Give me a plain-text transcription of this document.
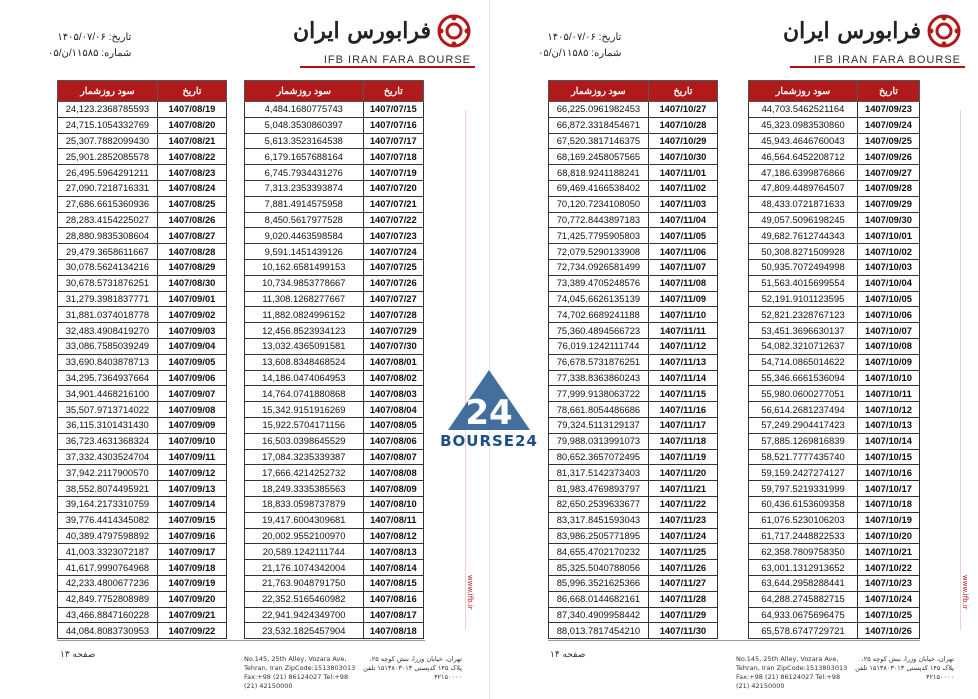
فرابورس ایران
IFB IRAN FARA BOURSE
تاریخ: ۱۴۰۵/۰۷/۰۶
شماره: ۱۱۵۸۵/ن/۰۵
سود روزشمار	تاریخ
24,123.2368785593	1407/08/19
24,715.1054332769	1407/08/20
25,307.7882099430	1407/08/21
25,901.2852085578	1407/08/22
26,495.5964291211	1407/08/23
27,090.7218716331	1407/08/24
27,686.6615360936	1407/08/25
28,283.4154225027	1407/08/26
28,880.9835308604	1407/08/27
29,479.3658611667	1407/08/28
30,078.5624134216	1407/08/29
30,678.5731876251	1407/08/30
31,279.3981837771	1407/09/01
31,881.0374018778	1407/09/02
32,483.4908419270	1407/09/03
33,086.7585039249	1407/09/04
33,690.8403878713	1407/09/05
34,295.7364937664	1407/09/06
34,901.4468216100	1407/09/07
35,507.9713714022	1407/09/08
36,115.3101431430	1407/09/09
36,723.4631368324	1407/09/10
37,332.4303524704	1407/09/11
37,942.2117900570	1407/09/12
38,552.8074495921	1407/09/13
39,164.2173310759	1407/09/14
39,776.4414345082	1407/09/15
40,389.4797598892	1407/09/16
41,003.3323072187	1407/09/17
41,617.9990764968	1407/09/18
42,233.4800677236	1407/09/19
42,849.7752808989	1407/09/20
43,466.8847160228	1407/09/21
44,084.8083730953	1407/09/22
سود روزشمار	تاریخ
4,484.1680775743	1407/07/15
5,048.3530860397	1407/07/16
5,613.3523164538	1407/07/17
6,179.1657688164	1407/07/18
6,745.7934431276	1407/07/19
7,313.2353393874	1407/07/20
7,881.4914575958	1407/07/21
8,450.5617977528	1407/07/22
9,020.4463598584	1407/07/23
9,591.1451439126	1407/07/24
10,162.6581499153	1407/07/25
10,734.9853778667	1407/07/26
11,308.1268277667	1407/07/27
11,882.0824996152	1407/07/28
12,456.8523934123	1407/07/29
13,032.4365091581	1407/07/30
13,608.8348468524	1407/08/01
14,186.0474064953	1407/08/02
14,764.0741880868	1407/08/03
15,342.9151916269	1407/08/04
15,922.5704171156	1407/08/05
16,503.0398645529	1407/08/06
17,084.3235339387	1407/08/07
17,666.4214252732	1407/08/08
18,249.3335385563	1407/08/09
18,833.0598737879	1407/08/10
19,417.6004309681	1407/08/11
20,002.9552100970	1407/08/12
20,589.1242111744	1407/08/13
21,176.1074342004	1407/08/14
21,763.9048791750	1407/08/15
22,352.5165460982	1407/08/16
22,941.9424349700	1407/08/17
23,532.1825457904	1407/08/18
www.ifb.ir
صفحه ۱۳	No.145, 25th Alley, Vozara Ave, Tehran, Iran ZipCode:1513803013 Fax:+98 (21) 86124027 Tel:+98 (21) 42150000
تهران، خیابان وزرا، نبش کوچه ۲۵، پلاک ۱۴۵ کدپستی ۱۵۱۳۸۰۳۰۱۳ تلفن ۴۲۱۵۰۰۰۰
فرابورس ایران
IFB IRAN FARA BOURSE
تاریخ: ۱۴۰۵/۰۷/۰۶
شماره: ۱۱۵۸۵/ن/۰۵
سود روزشمار	تاریخ
66,225.0961982453	1407/10/27
66,872.3318454671	1407/10/28
67,520.3817146375	1407/10/29
68,169.2458057565	1407/10/30
68,818.9241188241	1407/11/01
69,469.4166538402	1407/11/02
70,120.7234108050	1407/11/03
70,772.8443897183	1407/11/04
71,425.7795905803	1407/11/05
72,079.5290133908	1407/11/06
72,734.0926581499	1407/11/07
73,389.4705248576	1407/11/08
74,045.6626135139	1407/11/09
74,702.6689241188	1407/11/10
75,360.4894566723	1407/11/11
76,019.1242111744	1407/11/12
76,678.5731876251	1407/11/13
77,338.8363860243	1407/11/14
77,999.9138063722	1407/11/15
78,661.8054486686	1407/11/16
79,324.5113129137	1407/11/17
79,988.0313991073	1407/11/18
80,652.3657072495	1407/11/19
81,317.5142373403	1407/11/20
81,983.4769893797	1407/11/21
82,650.2539633677	1407/11/22
83,317.8451593043	1407/11/23
83,986.2505771895	1407/11/24
84,655.4702170232	1407/11/25
85,325.5040788056	1407/11/26
85,996.3521625366	1407/11/27
86,668.0144682161	1407/11/28
87,340.4909958442	1407/11/29
88,013.7817454210	1407/11/30
سود روزشمار	تاریخ
44,703.5462521164	1407/09/23
45,323.0983530860	1407/09/24
45,943.4646760043	1407/09/25
46,564.6452208712	1407/09/26
47,186.6399876866	1407/09/27
47,809.4489764507	1407/09/28
48,433.0721871633	1407/09/29
49,057.5096198245	1407/09/30
49,682.7612744343	1407/10/01
50,308.8271509928	1407/10/02
50,935.7072494998	1407/10/03
51,563.4015699554	1407/10/04
52,191.9101123595	1407/10/05
52,821.2328767123	1407/10/06
53,451.3696630137	1407/10/07
54,082.3210712637	1407/10/08
54,714.0865014622	1407/10/09
55,346.6661536094	1407/10/10
55,980.0600277051	1407/10/11
56,614.2681237494	1407/10/12
57,249.2904417423	1407/10/13
57,885.1269816839	1407/10/14
58,521.7777435740	1407/10/15
59,159.2427274127	1407/10/16
59,797.5219331999	1407/10/17
60,436.6153609358	1407/10/18
61,076.5230106203	1407/10/19
61,717.2448822533	1407/10/20
62,358.7809758350	1407/10/21
63,001.1312913652	1407/10/22
63,644.2958288441	1407/10/23
64,288.2745882715	1407/10/24
64,933.0675696475	1407/10/25
65,578.6747729721	1407/10/26
www.ifb.ir
صفحه ۱۴	No.145, 25th Alley, Vozara Ave, Tehran, Iran ZipCode:1513803013 Fax:+98 (21) 86124027 Tel:+98 (21) 42150000
تهران، خیابان وزرا، نبش کوچه ۲۵، پلاک ۱۴۵ کدپستی ۱۵۱۳۸۰۳۰۱۳ تلفن ۴۲۱۵۰۰۰۰
24
BOURSE24
